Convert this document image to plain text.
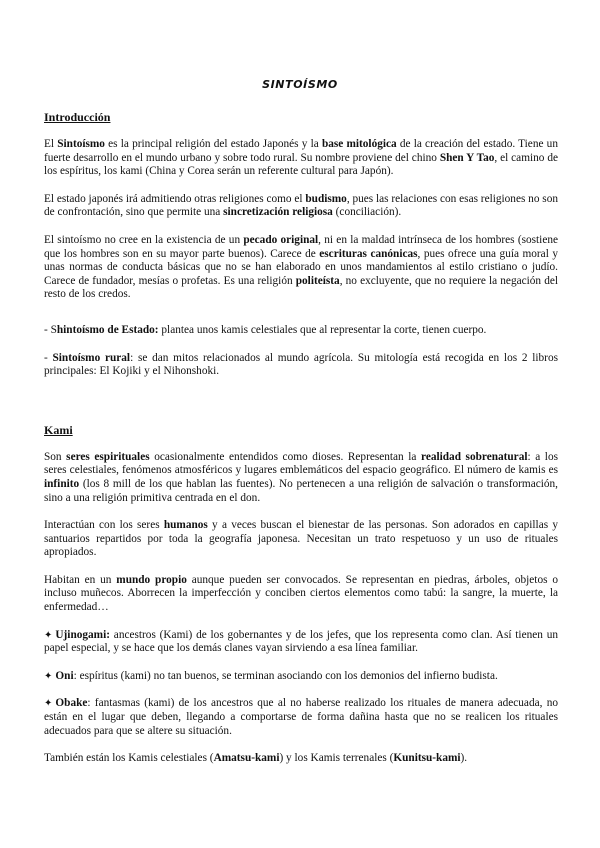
SINTOÍSMO
Introducción

El Sintoísmo es la principal religión del estado Japonés y la base mitológica de la creación del estado. Tiene un fuerte desarrollo en el mundo urbano y sobre todo rural. Su nombre proviene del chino Shen Y Tao, el camino de los espíritus, los kami (China y Corea serán un referente cultural para Japón).

El estado japonés irá admitiendo otras religiones como el budismo, pues las relaciones con esas religiones no son de confrontación, sino que permite una sincretización religiosa (conciliación).

El sintoísmo no cree en la existencia de un pecado original, ni en la maldad intrínseca de los hombres (sostiene que los hombres son en su mayor parte buenos). Carece de escrituras canónicas, pues ofrece una guía moral y unas normas de conducta básicas que no se han elaborado en unos mandamientos al estilo cristiano o judío. Carece de fundador, mesías o profetas. Es una religión politeísta, no excluyente, que no requiere la negación del resto de los credos.

- Shintoísmo de Estado: plantea unos kamis celestiales que al representar la corte, tienen cuerpo.

- Sintoísmo rural: se dan mitos relacionados al mundo agrícola. Su mitología está recogida en los 2 libros principales: El Kojiki y el Nihonshoki.

Kami

Son seres espirituales ocasionalmente entendidos como dioses. Representan la realidad sobrenatural: a los seres celestiales, fenómenos atmosféricos y lugares emblemáticos del espacio geográfico. El número de kamis es infinito (los 8 mill de los que hablan las fuentes). No pertenecen a una religión de salvación o transformación, sino a una religión primitiva centrada en el don.

Interactúan con los seres humanos y a veces buscan el bienestar de las personas. Son adorados en capillas y santuarios repartidos por toda la geografía japonesa. Necesitan un trato respetuoso y un uso de rituales apropiados.

Habitan en un mundo propio aunque pueden ser convocados. Se representan en piedras, árboles, objetos o incluso muñecos. Aborrecen la imperfección y conciben ciertos elementos como tabú: la sangre, la muerte, la enfermedad…

✦ Ujinogami: ancestros (Kami) de los gobernantes y de los jefes, que los representa como clan. Así tienen un papel especial, y se hace que los demás clanes vayan sirviendo a esa línea familiar.

✦ Oni: espíritus (kami) no tan buenos, se terminan asociando con los demonios del infierno budista.

✦ Obake: fantasmas (kami) de los ancestros que al no haberse realizado los rituales de manera adecuada, no están en el lugar que deben, llegando a comportarse de forma dañina hasta que no se realicen los rituales adecuados para que se altere su situación.

También están los Kamis celestiales (Amatsu-kami) y los Kamis terrenales (Kunitsu-kami).
